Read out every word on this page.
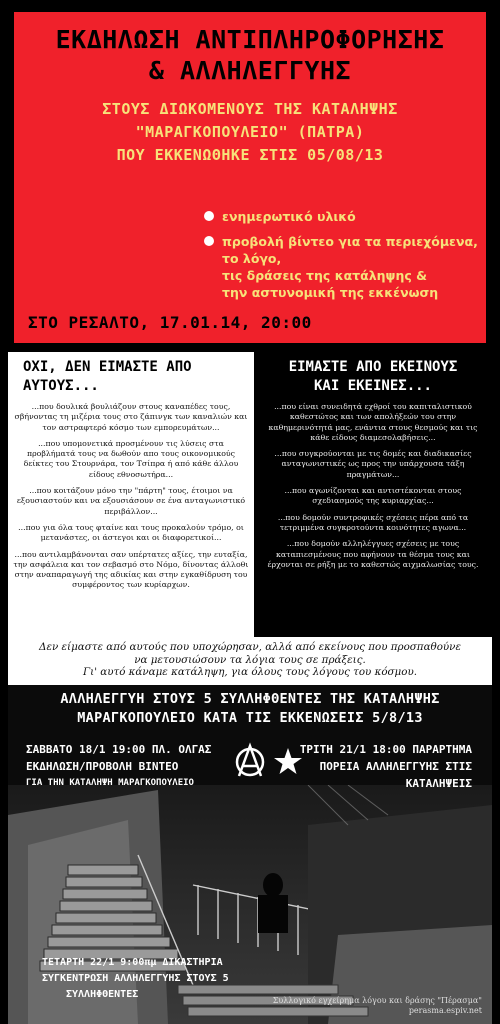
ΕΚΔΗΛΩΣΗ ΑΝΤΙΠΛΗΡΟΦΟΡΗΣΗΣ
& ΑΛΛΗΛΕΓΓΥΗΣ
ΣΤΟΥΣ ΔΙΩΚΟΜΕΝΟΥΣ ΤΗΣ ΚΑΤΑΛΗΨΗΣ
"ΜΑΡΑΓΚΟΠΟΥΛΕΙΟ" (ΠΑΤΡΑ)
ΠΟΥ ΕΚΚΕΝΩΘΗΚΕ ΣΤΙΣ 05/08/13
ενημερωτικό υλικό
προβολή βίντεο για τα περιεχόμενα, το λόγο,
τις δράσεις της κατάληψης &
την αστυνομική της εκκένωση
ΣΤΟ ΡΕΣΑΛΤΟ, 17.01.14, 20:00
ΟΧΙ, ΔΕΝ ΕΙΜΑΣΤΕ ΑΠΟ ΑΥΤΟΥΣ...

...που δουλικά βουλιάζουν στους καναπέδες τους, σβήνοντας τη μιζέρια τους στο ζάπινγκ των καναλιών και τον αστραφτερό κόσμο των εμπορευμάτων...

...που υπομονετικά προσμένουν τις λύσεις στα προβλήματά τους να δωθούν απο τους οικονομικούς δείκτες του Στουρνάρα, τον Τσίπρα ή από κάθε άλλου είδους εθνοσωτήρα...

...που κοιτάζουν μόνο την "πάρτη" τους, έτοιμοι να εξουσιαστούν και να εξουσιάσουν σε ένα ανταγωνιστικό περιβάλλον...

...που για όλα τους φταίνε και τους προκαλούν τρόμο, οι μετανάστες, οι άστεγοι και οι διαφορετικοί...

...που αντιλαμβάνονται σαν υπέρτατες αξίες, την ευταξία, την ασφάλεια και τον σεβασμό στο Νόμο, δίνοντας άλλοθι στην αναπαραγωγή της αδικίας και στην εγκαθίδρυση του συμφέροντος των κυρίαρχων.

ΕΙΜΑΣΤΕ ΑΠΟ ΕΚΕΙΝΟΥΣ
ΚΑΙ ΕΚΕΙΝΕΣ...

...που είναι συνειδητά εχθροί του καπιταλιστικού καθεστώτος και των απολήξεών του στην καθημερινότητά μας, ενάντια στους θεσμούς και τις κάθε είδους διαμεσολαβήσεις...

...που συγκρούονται με τις δομές και διαδικασίες ανταγωνιστικές ως προς την υπάρχουσα τάξη πραγμάτων...

...που αγωνίζονται και αντιστέκονται στους σχεδιασμούς της κυριαρχίας...

...που δομούν συντροφικές σχέσεις πέρα από τα τετριμμένα συγκροτούντα κοινότητες αγωνα...

...που δομούν αλληλέγγυες σχέσεις με τους καταπιεσμένους που αφήνουν τα θέσμα τους και έρχονται σε ρήξη με το καθεστώς αιχμαλωσίας τους.

Δεν είμαστε από αυτούς που υποχώρησαν, αλλά από εκείνους που προσπαθούνε
να μετουσιώσουν τα λόγια τους σε πράξεις.
Γι' αυτό κάναμε κατάληψη, για όλους τους λόγους του κόσμου.
ΑΛΛΗΛΕΓΓΥΗ ΣΤΟΥΣ 5 ΣΥΛΛΗΦΘΕΝΤΕΣ ΤΗΣ ΚΑΤΑΛΗΨΗΣ
ΜΑΡΑΓΚΟΠΟΥΛΕΙΟ ΚΑΤΑ ΤΙΣ ΕΚΚΕΝΩΣΕΙΣ 5/8/13
ΣΑΒΒΑΤΟ 18/1 19:00 ΠΛ. ΟΛΓΑΣ
ΕΚΔΗΛΩΣΗ/ΠΡΟΒΟΛΗ ΒΙΝΤΕΟ
ΓΙΑ ΤΗΝ ΚΑΤΑΛΗΨΗ ΜΑΡΑΓΚΟΠΟΥΛΕΙΟ
ΤΡΙΤΗ 21/1 18:00 ΠΑΡΑΡΤΗΜΑ
ΠΟΡΕΙΑ ΑΛΛΗΛΕΓΓΥΗΣ ΣΤΙΣ
ΚΑΤΑΛΗΨΕΙΣ
ΤΕΤΑΡΤΗ 22/1 9:00πμ ΔΙΚΑΣΤΗΡΙΑ
ΣΥΓΚΕΝΤΡΩΣΗ ΑΛΛΗΛΕΓΓΥΗΣ ΣΤΟΥΣ 5
ΣΥΛΛΗΦΘΕΝΤΕΣ
Συλλογικό εγχείρημα λόγου και δράσης "Πέρασμα"
perasma.espiv.net
